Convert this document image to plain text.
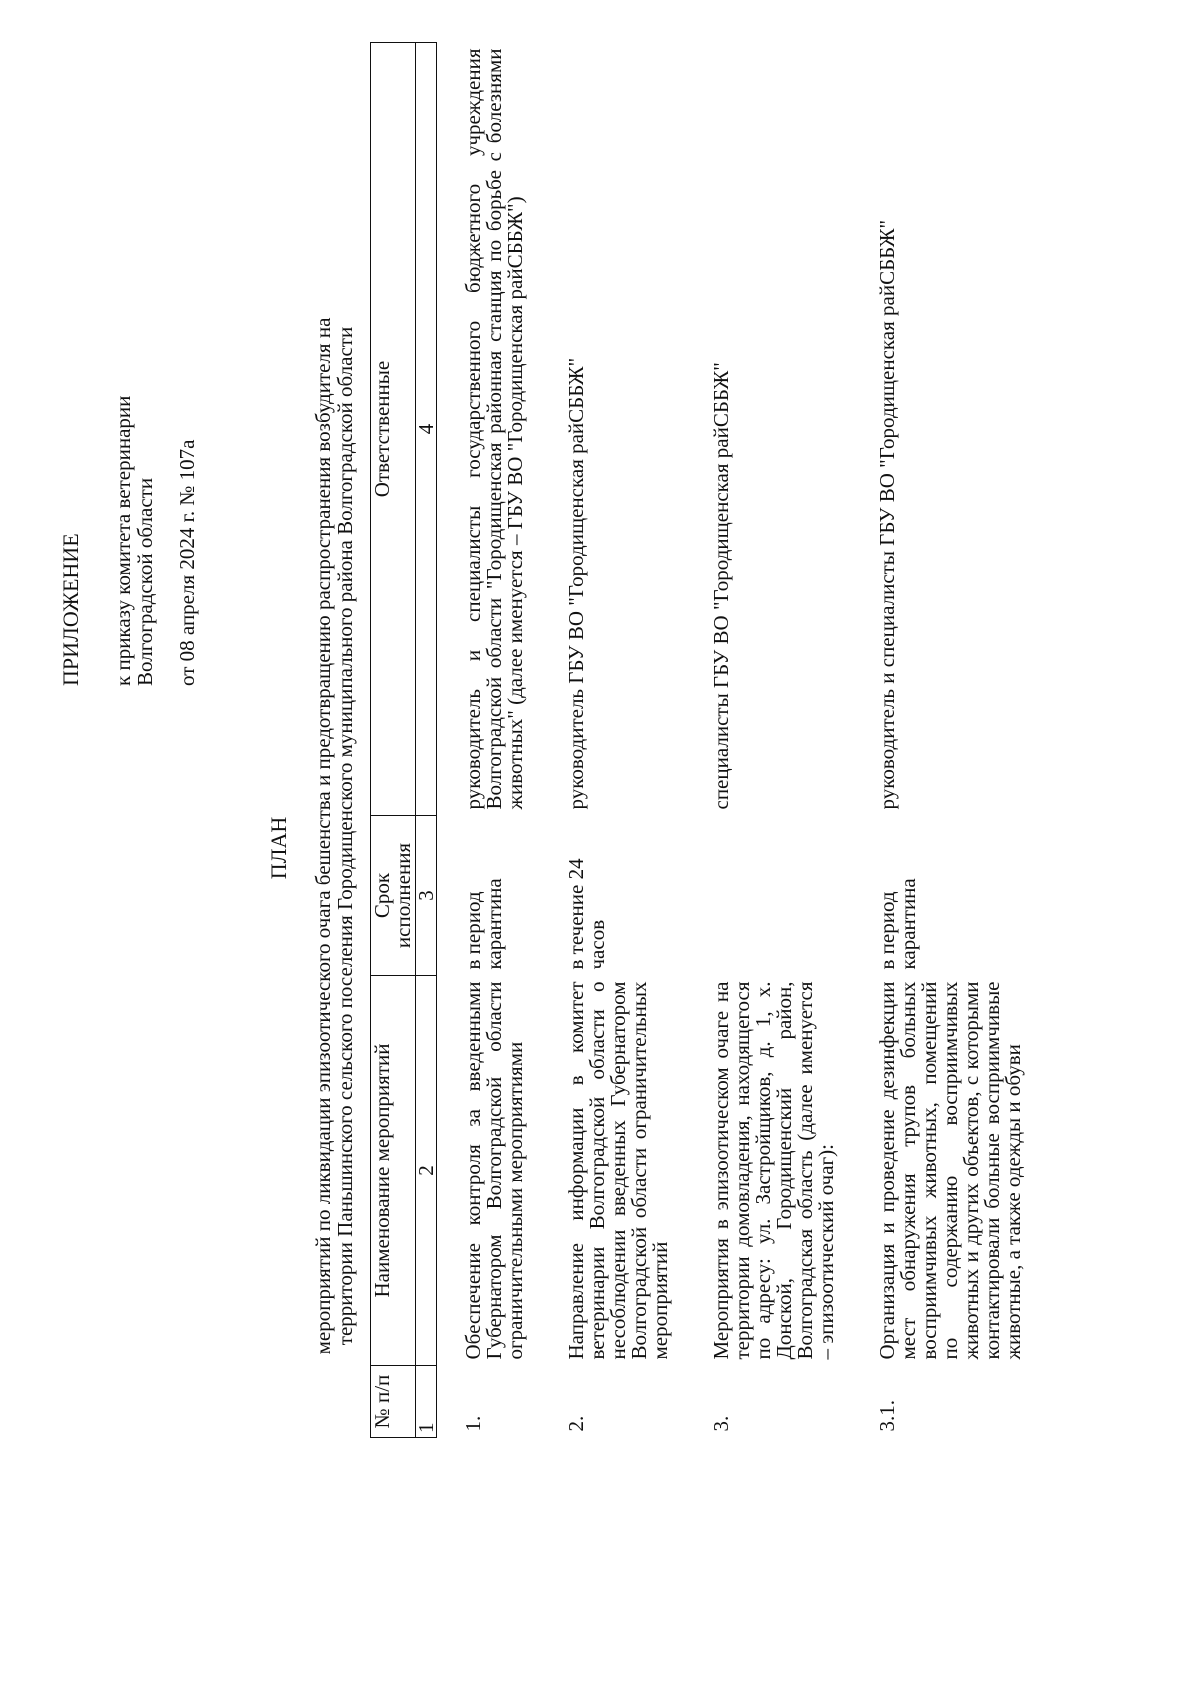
ПРИЛОЖЕНИЕ к приказу комитета ветеринарии Волгоградской области от 08 апреля 2024 г. № 107а
ПЛАН мероприятий по ликвидации эпизоотического очага бешенства и предотвращению распространения возбудителя на территории Паньшинского сельского поселения Городищенского муниципального района Волгоградской области
№ п/п	Наименование мероприятий	Срок исполнения	Ответственные
1	2	3	4
1.	Обеспечение контроля за введенными Губернатором Волгоградской области ограничительными мероприятиями	в период карантина	руководитель и специалисты государственного бюджетного учреждения Волгоградской области "Городищенская районная станция по борьбе с болезнями животных" (далее именуется – ГБУ ВО "Городищенская райСББЖ")
2.	Направление информации в комитет ветеринарии Волгоградской области о несоблюдении введенных Губернатором Волгоградской области ограничительных мероприятий	в течение 24 часов	руководитель ГБУ ВО "Городищенская райСББЖ"
3.	Мероприятия в эпизоотическом очаге на территории домовладения, находящегося по адресу: ул. Застройщиков, д. 1, х. Донской, Городищенский район, Волгоградская область (далее именуется – эпизоотический очаг):		специалисты ГБУ ВО "Городищенская райСББЖ"
3.1.	Организация и проведение дезинфекции мест обнаружения трупов больных восприимчивых животных, помещений по содержанию восприимчивых животных и других объектов, с которыми контактировали больные восприимчивые животные, а также одежды и обуви	в период карантина	руководитель и специалисты ГБУ ВО "Городищенская райСББЖ"
